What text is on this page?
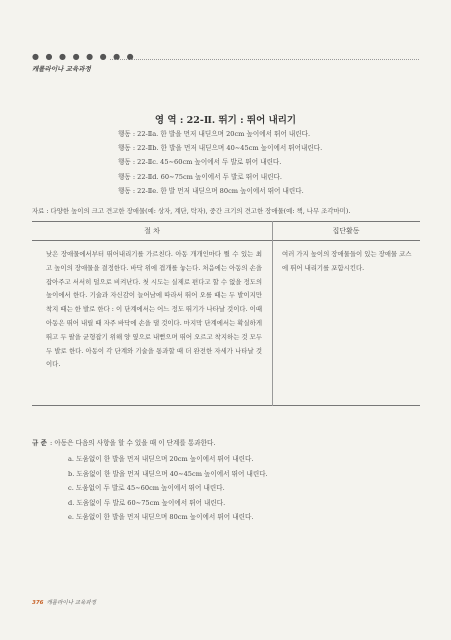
● ● ● ● ● ● ● ●
캐롤라이나 교육과정
영 역 : 22-Ⅱ. 뛰기 : 뛰어 내리기
행동 : 22-Ⅱa. 한 발을 먼저 내딛으며 20cm 높이에서 뛰어 내린다.
행동 : 22-Ⅱb. 한 발을 먼저 내딛으며 40∼45cm 높이에서 뛰어내린다.
행동 : 22-Ⅱc. 45∼60cm 높이에서 두 발로 뛰어 내린다.
행동 : 22-Ⅱd. 60∼75cm 높이에서 두 발로 뛰어 내린다.
행동 : 22-Ⅱe. 한 발 먼저 내딛으며 80cm 높이에서 뛰어 내린다.
자료 : 다양한 높이의 크고 견고한 장애물(예: 상자, 계단, 탁자), 중간 크기의 견고한 장애물(예: 책, 나무 조각마미).
절 차	집단활동
낮은 장애물에서부터 뛰어내리기를 가르친다. 아동 개개인마다 뛸 수 있는 최고 높이의 장애물을 결정한다. 바닥 위에 겹개를 놓는다. 처음에는 아동의 손을 잡아주고 서서히 덜으로 비켜난다. 첫 시도는 실제로 편다고 할 수 없을 정도의 높이에서 한다. 기술과 자신감이 늘어남에 따라서 뛰어 오를 때는 두 발이지만 착지 때는 한 발로 한다 : 이 단계에서는 어느 정도 뛰기가 나타날 것이다. 이때 아동은 뛰어 내릴 때 자주 바닥에 손을 댈 것이다. 마지막 단계에서는 확실하게 뛰고 두 팔을 균형잡기 위해 양 옆으로 내뻗으며 뛰어 오르고 착지하는 것 모두 두 발로 한다. 아동이 각 단계와 기술을 통과할 때 더 완전한 자세가 나타날 것이다.
여러 가지 높이의 장애물들이 있는 장애물 코스에 뛰어 내리기를 포함시킨다.
규 준 : 아동은 다음의 사항을 할 수 있을 때 이 단계를 통과한다.
a. 도움없이 한 발을 먼저 내딛으며 20cm 높이에서 뛰어 내린다.
b. 도움없이 한 발을 먼저 내딛으며 40∼45cm 높이에서 뛰어 내린다.
c. 도움없이 두 발로 45∼60cm 높이에서 뛰어 내린다.
d. 도움없이 두 발로 60∼75cm 높이에서 뛰어 내린다.
e. 도움없이 한 발을 먼저 내딛으며 80cm 높이에서 뛰어 내린다.
376 캐롤라이나 교육과정
